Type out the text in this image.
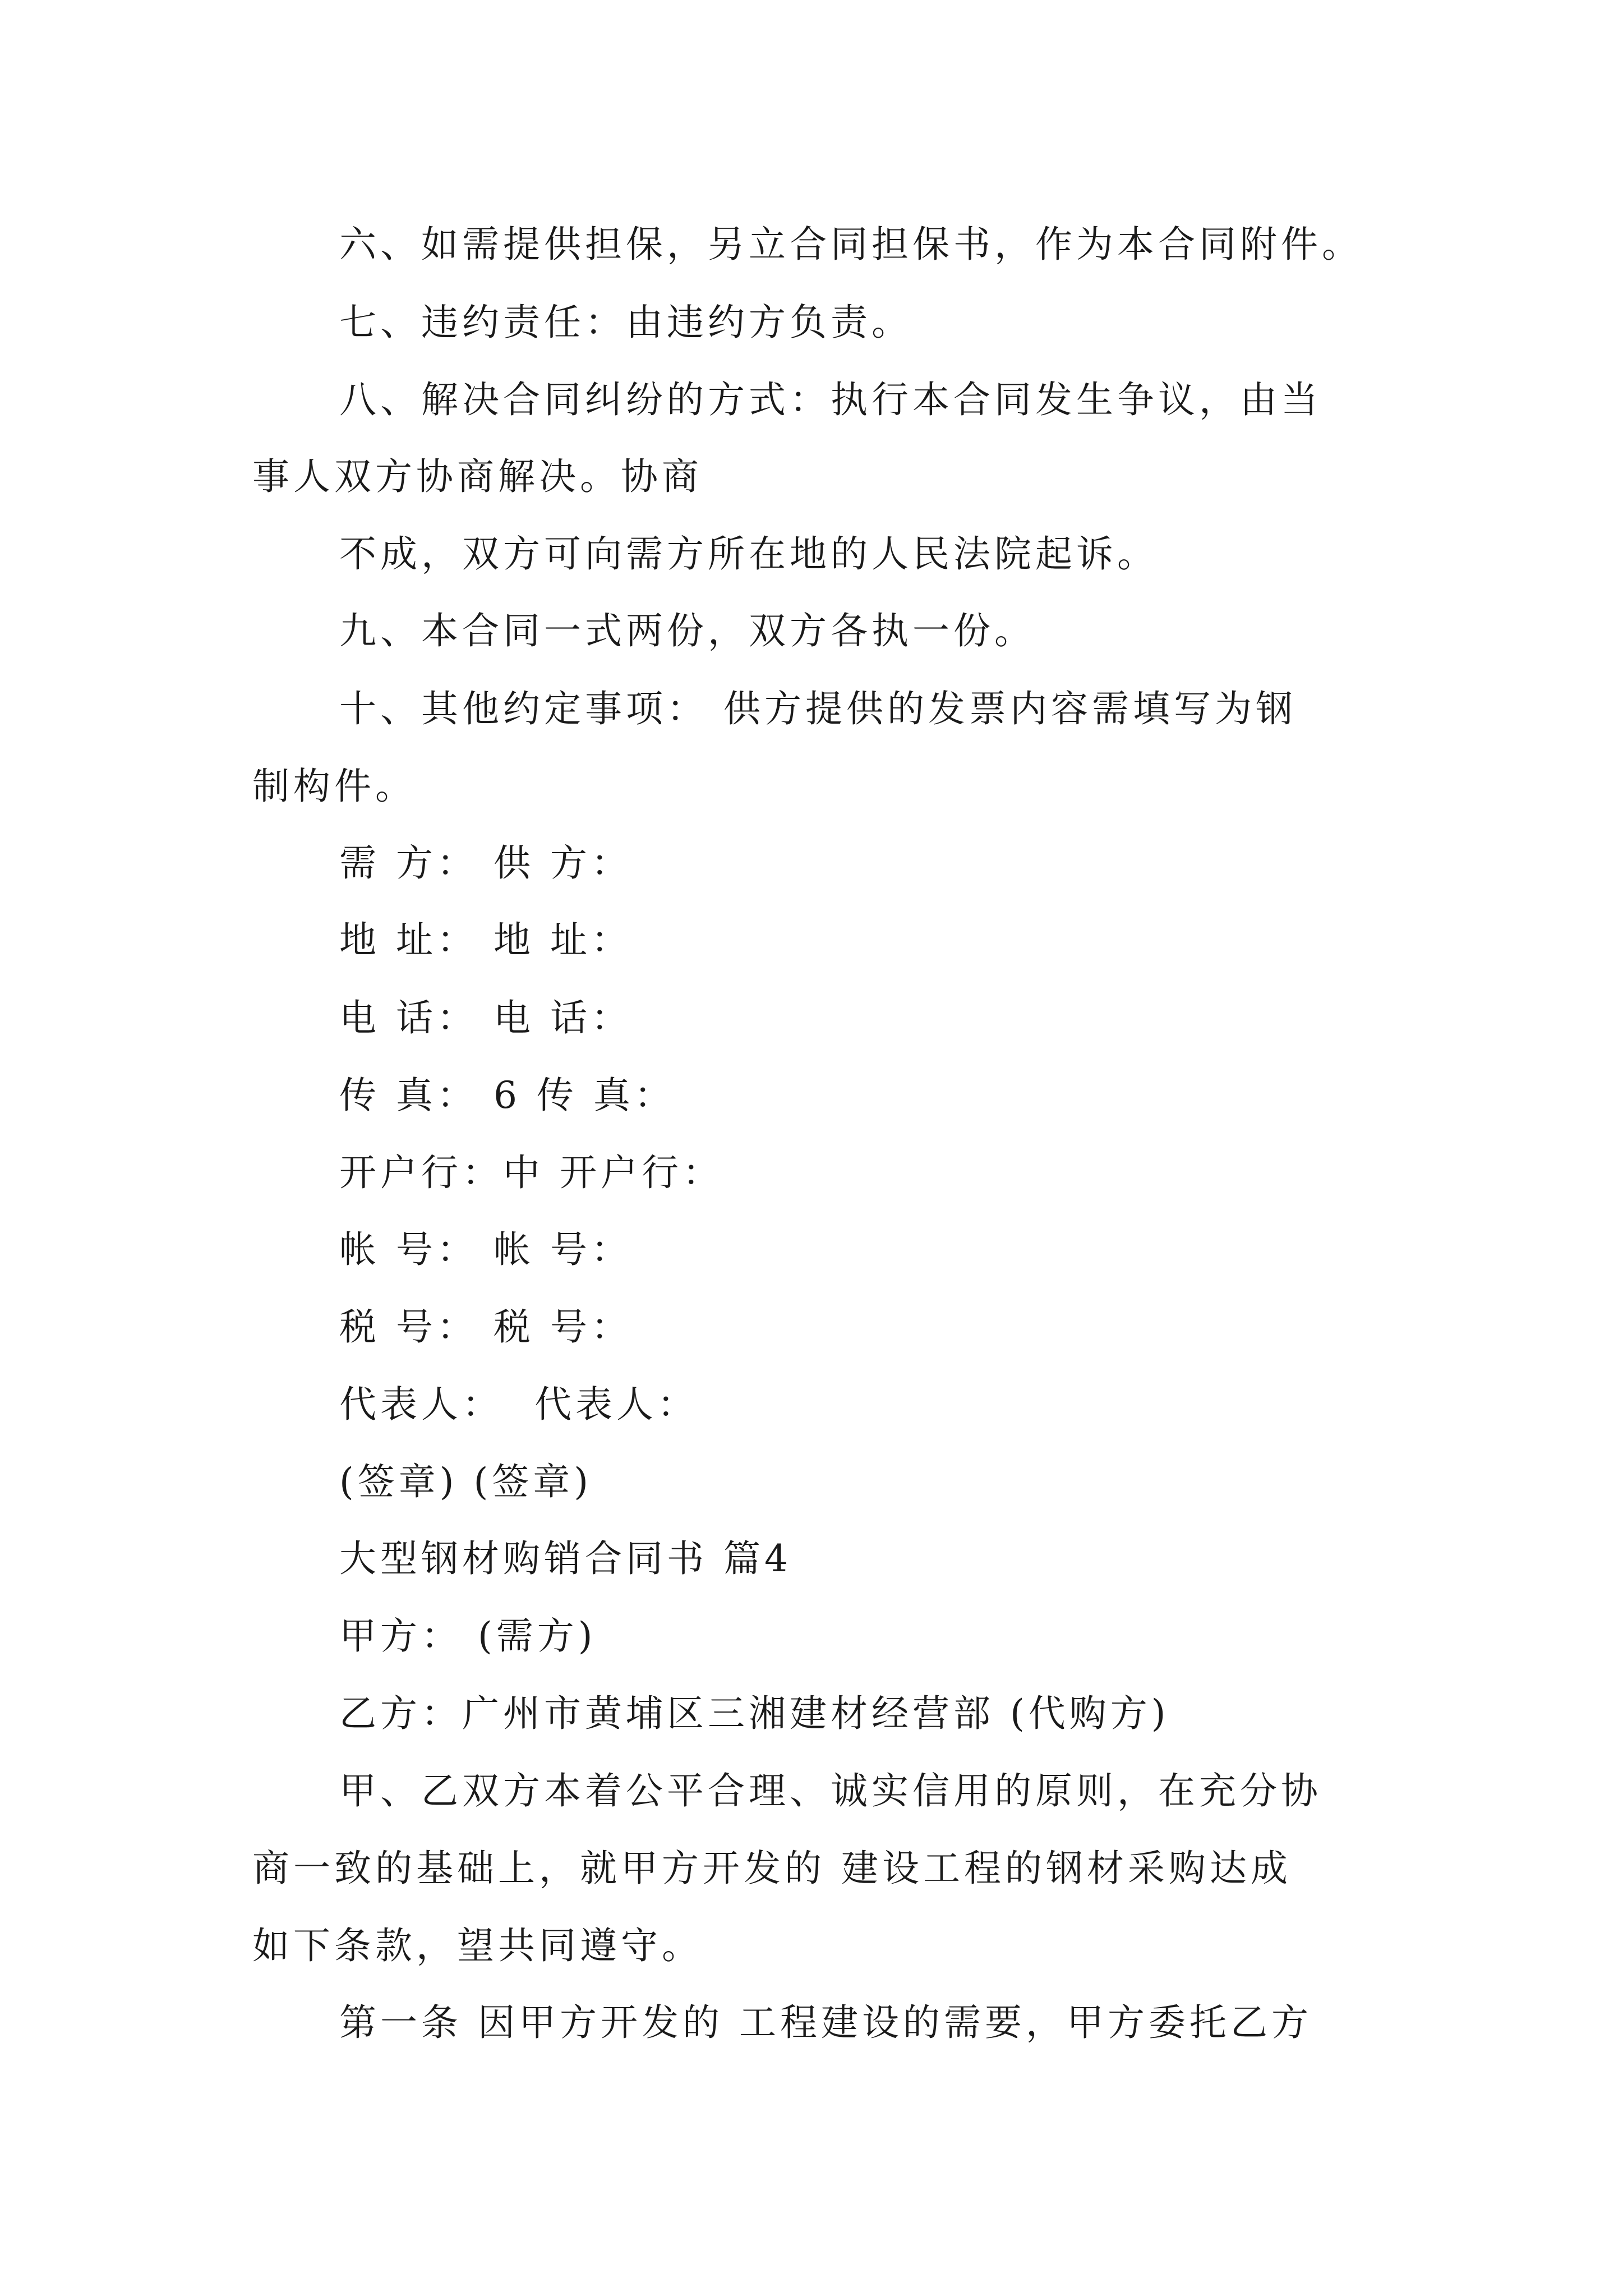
六、如需提供担保，另立合同担保书，作为本合同附件。
七、违约责任：由违约方负责。
八、解决合同纠纷的方式：执行本合同发生争议，由当
事人双方协商解决。协商
不成，双方可向需方所在地的人民法院起诉。
九、本合同一式两份，双方各执一份。
十、其他约定事项： 供方提供的发票内容需填写为钢
制构件。
需 方： 供 方：
地 址： 地 址：
电 话： 电 话：
传 真： 6 传 真：
开户行：中 开户行：
帐 号： 帐 号：
税 号： 税 号：
代表人：  代表人：
(签章) (签章)
大型钢材购销合同书 篇4
甲方： (需方)
乙方：广州市黄埔区三湘建材经营部 (代购方)
甲、乙双方本着公平合理、诚实信用的原则，在充分协
商一致的基础上，就甲方开发的 建设工程的钢材采购达成
如下条款，望共同遵守。
第一条 因甲方开发的 工程建设的需要，甲方委托乙方
